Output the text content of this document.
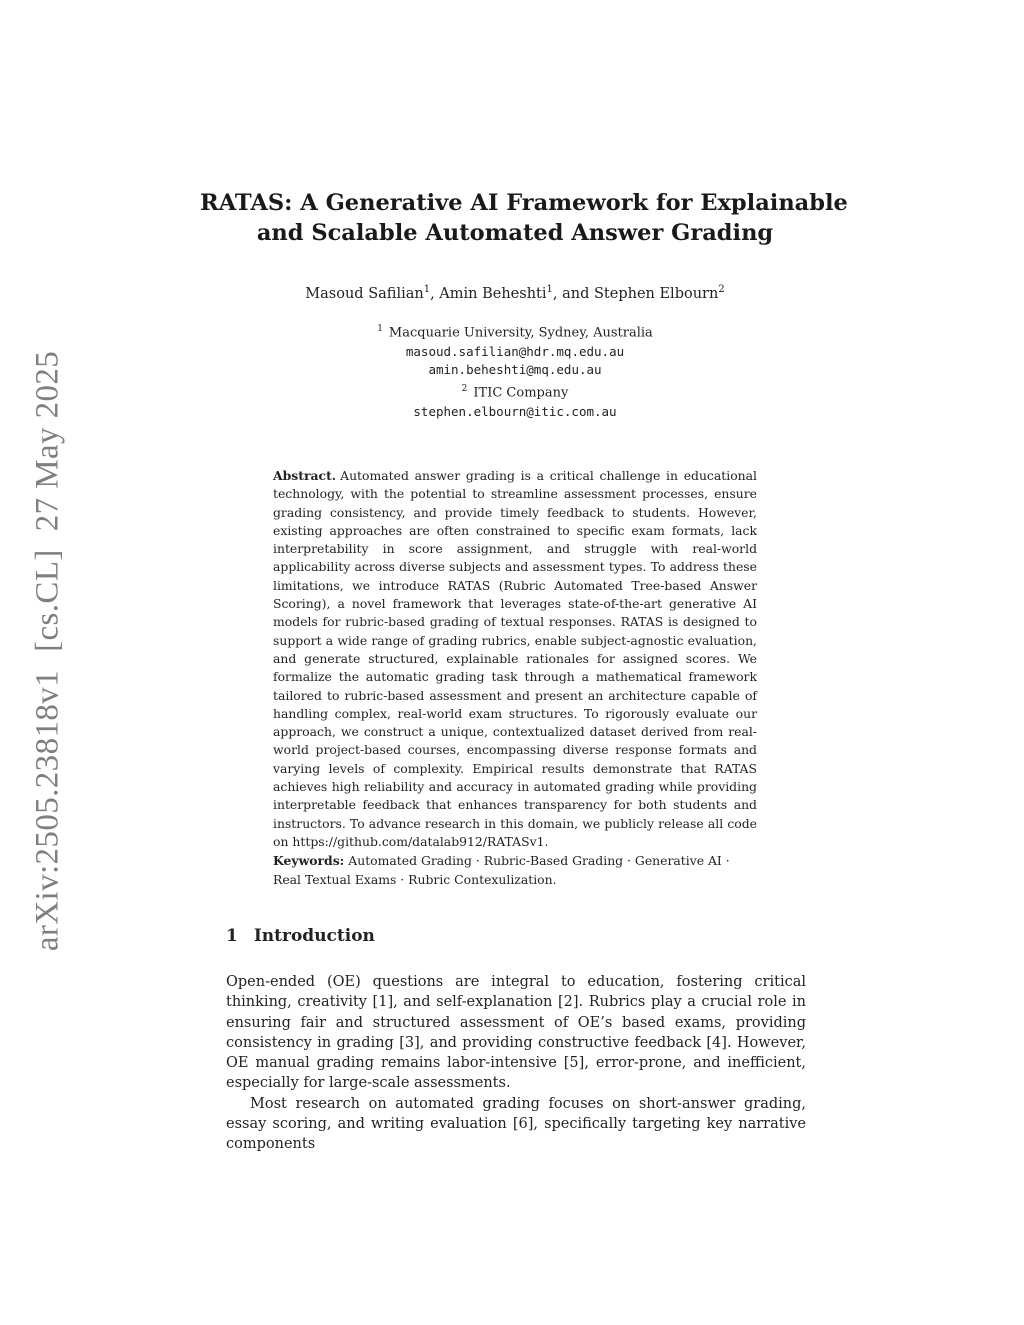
arXiv:2505.23818v1[cs.CL]27 May 2025
RATAS: A Generative AI Framework for Explainable
and Scalable Automated Answer Grading
Masoud Safilian$^1$, Amin Beheshti$^1$, and Stephen Elbourn$^2$
$^1$ Macquarie University, Sydney, Australia
masoud.safilian@hdr.mq.edu.au
amin.beheshti@mq.edu.au
$^2$ ITIC Company
stephen.elbourn@itic.com.au
Abstract. Automated answer grading is a critical challenge in educational technology, with the potential to streamline assessment processes, ensure grading consistency, and provide timely feedback to students. However, existing approaches are often constrained to specific exam formats, lack interpretability in score assignment, and struggle with real-world applicability across diverse subjects and assessment types. To address these limitations, we introduce RATAS (Rubric Automated Tree-based Answer Scoring), a novel framework that leverages state-of-the-art generative AI models for rubric-based grading of textual responses. RATAS is designed to support a wide range of grading rubrics, enable subject-agnostic evaluation, and generate structured, explainable rationales for assigned scores. We formalize the automatic grading task through a mathematical framework tailored to rubric-based assessment and present an architecture capable of handling complex, real-world exam structures. To rigorously evaluate our approach, we construct a unique, contextualized dataset derived from real-world project-based courses, encompassing diverse response formats and varying levels of complexity. Empirical results demonstrate that RATAS achieves high reliability and accuracy in automated grading while providing interpretable feedback that enhances transparency for both students and instructors. To advance research in this domain, we publicly release all code on https://github.com/datalab912/RATASv1.
Keywords: Automated Grading · Rubric-Based Grading · Generative AI · Real Textual Exams · Rubric Contexulization.
1 Introduction

Open-ended (OE) questions are integral to education, fostering critical thinking, creativity [1], and self-explanation [2]. Rubrics play a crucial role in ensuring fair and structured assessment of OE’s based exams, providing consistency in grading [3], and providing constructive feedback [4]. However, OE manual grading remains labor-intensive [5], error-prone, and inefficient, especially for large-scale assessments.

Most research on automated grading focuses on short-answer grading, essay scoring, and writing evaluation [6], specifically targeting key narrative components
